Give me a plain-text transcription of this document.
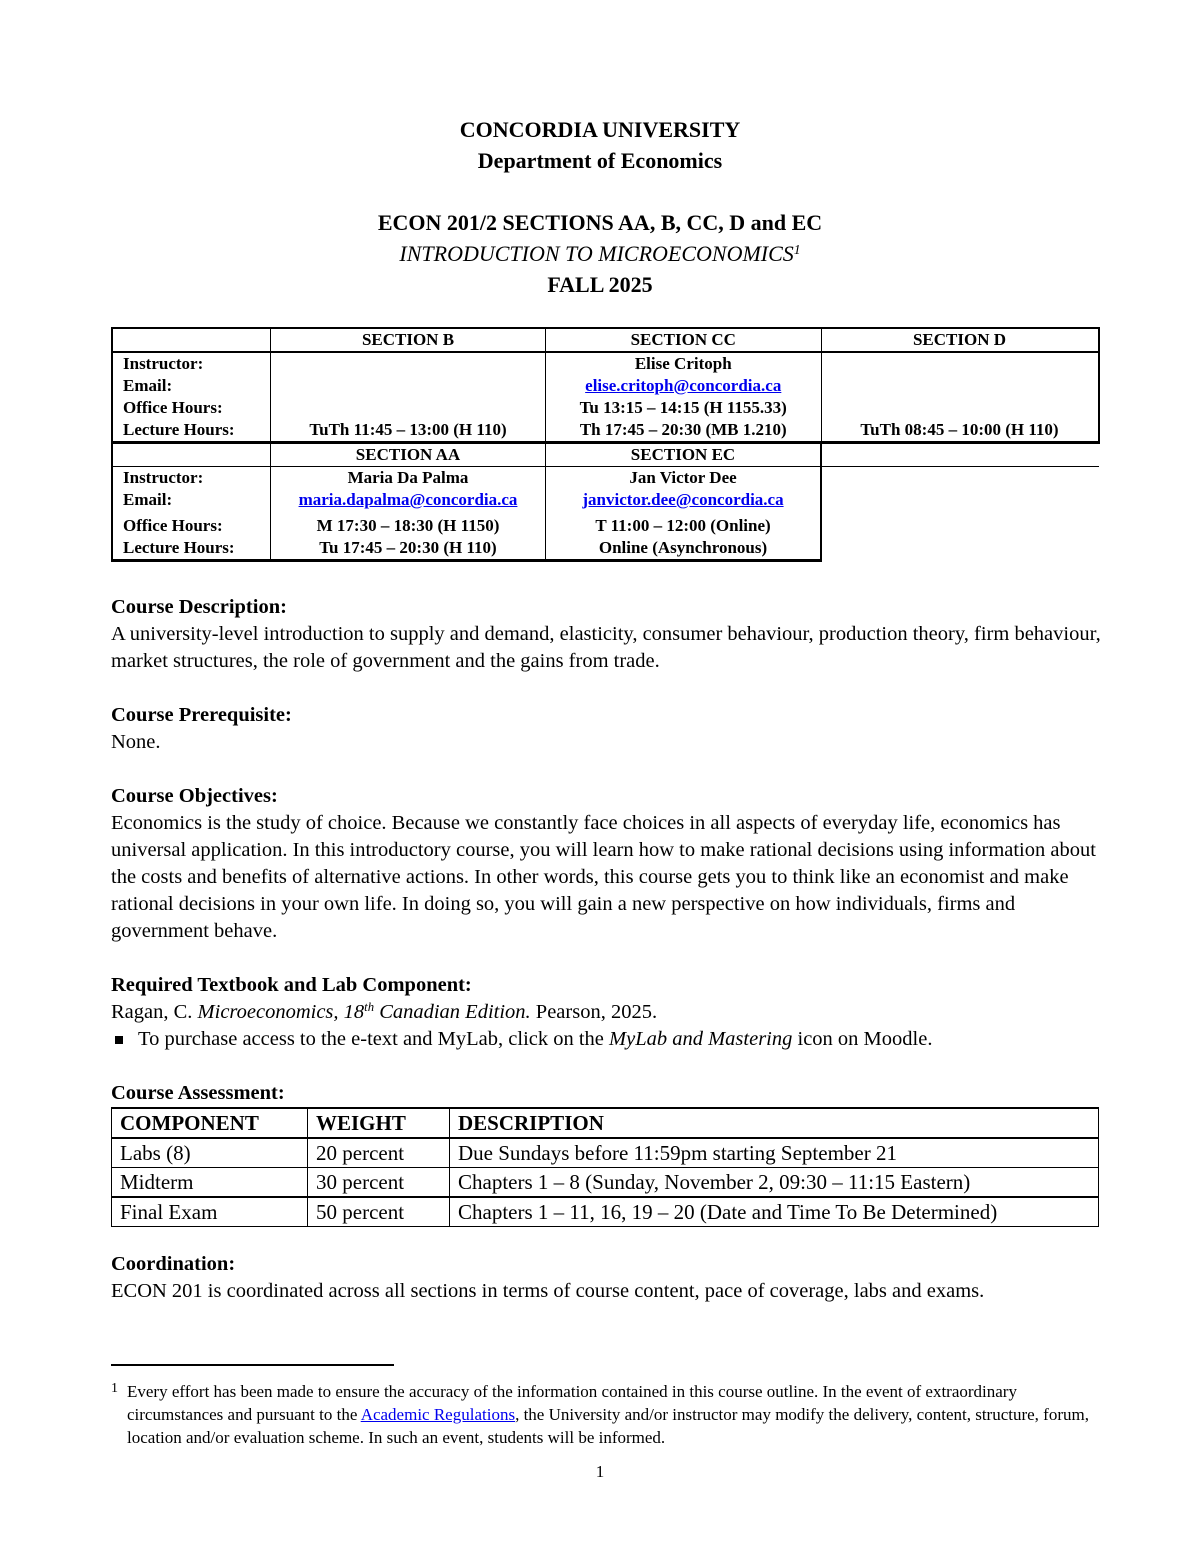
CONCORDIA UNIVERSITY
Department of Economics
ECON 201/2 SECTIONS AA, B, CC, D and EC
INTRODUCTION TO MICROECONOMICS$^1$
FALL 2025
	SECTION B	SECTION CC	SECTION D
Instructor:		Elise Critoph	
Email:		elise.critoph@concordia.ca	
Office Hours:		Tu 13:15 – 14:15 (H 1155.33)	
Lecture Hours:	TuTh 11:45 – 13:00 (H 110)	Th 17:45 – 20:30 (MB 1.210)	TuTh 08:45 – 10:00 (H 110)
	SECTION AA	SECTION EC	
Instructor:	Maria Da Palma	Jan Victor Dee	
Email:	maria.dapalma@concordia.ca	janvictor.dee@concordia.ca	
Office Hours:	M 17:30 – 18:30 (H 1150)	T 11:00 – 12:00 (Online)	
Lecture Hours:	Tu 17:45 – 20:30 (H 110)	Online (Asynchronous)	
Course Description:

A university-level introduction to supply and demand, elasticity, consumer behaviour, production theory, firm behaviour, market structures, the role of government and the gains from trade.

Course Prerequisite:

None.

Course Objectives:

Economics is the study of choice. Because we constantly face choices in all aspects of everyday life, economics has universal application. In this introductory course, you will learn how to make rational decisions using information about the costs and benefits of alternative actions. In other words, this course gets you to think like an economist and make rational decisions in your own life. In doing so, you will gain a new perspective on how individuals, firms and government behave.

Required Textbook and Lab Component:

Ragan, C. Microeconomics, 18th Canadian Edition. Pearson, 2025.

To purchase access to the e-text and MyLab, click on the MyLab and Mastering icon on Moodle.
Course Assessment:
COMPONENT	WEIGHT	DESCRIPTION
Labs (8)	20 percent	Due Sundays before 11:59pm starting September 21
Midterm	30 percent	Chapters 1 – 8 (Sunday, November 2, 09:30 – 11:15 Eastern)
Final Exam	50 percent	Chapters 1 – 11, 16, 19 – 20 (Date and Time To Be Determined)
Coordination:

ECON 201 is coordinated across all sections in terms of course content, pace of coverage, labs and exams.

1 Every effort has been made to ensure the accuracy of the information contained in this course outline. In the event of extraordinary circumstances and pursuant to the Academic Regulations, the University and/or instructor may modify the delivery, content, structure, forum, location and/or evaluation scheme. In such an event, students will be informed.
1
